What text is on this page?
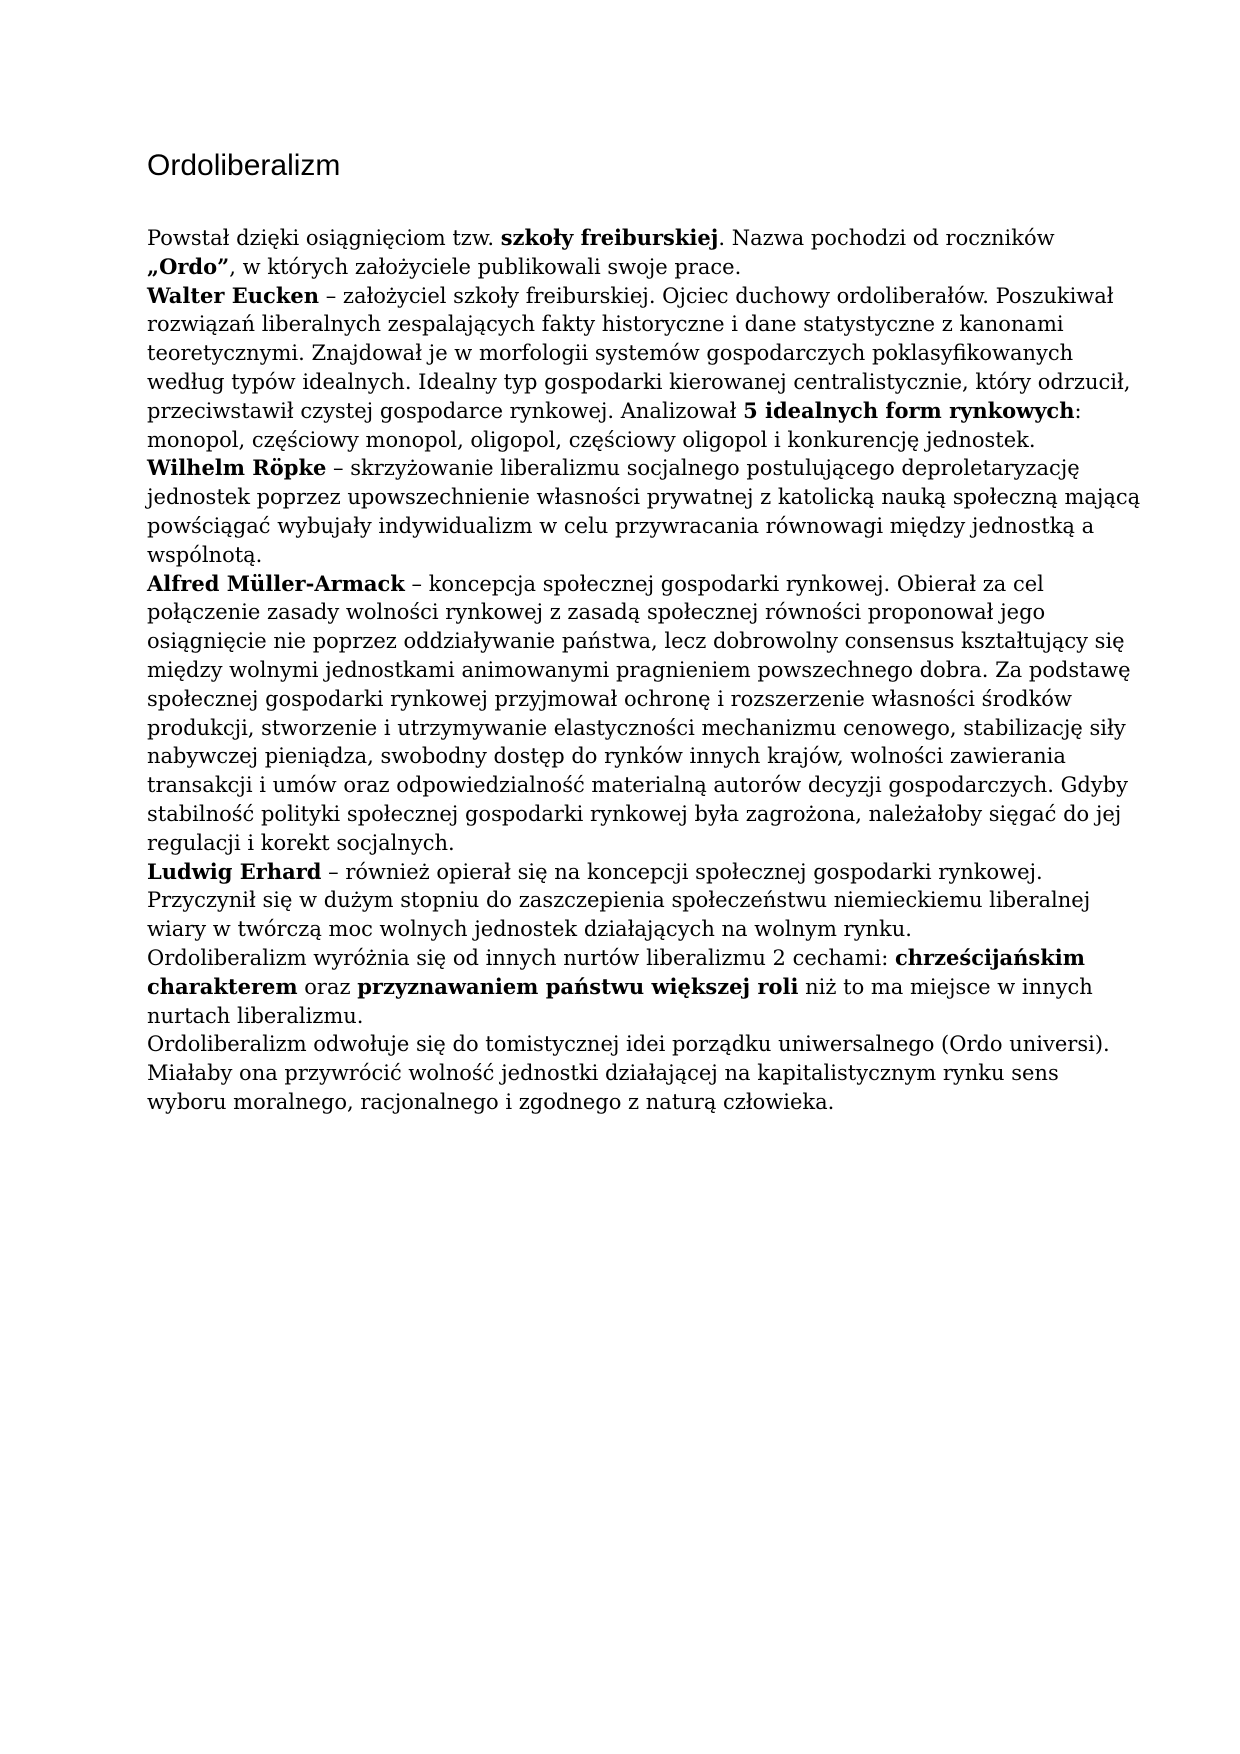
Ordoliberalizm
Powstał dzięki osiągnięciom tzw. szkoły freiburskiej. Nazwa pochodzi od roczników
„Ordo”, w których założyciele publikowali swoje prace.
Walter Eucken – założyciel szkoły freiburskiej. Ojciec duchowy ordoliberałów. Poszukiwał
rozwiązań liberalnych zespalających fakty historyczne i dane statystyczne z kanonami
teoretycznymi. Znajdował je w morfologii systemów gospodarczych poklasyfikowanych
według typów idealnych. Idealny typ gospodarki kierowanej centralistycznie, który odrzucił,
przeciwstawił czystej gospodarce rynkowej. Analizował 5 idealnych form rynkowych:
monopol, częściowy monopol, oligopol, częściowy oligopol i konkurencję jednostek.
Wilhelm Röpke – skrzyżowanie liberalizmu socjalnego postulującego deproletaryzację
jednostek poprzez upowszechnienie własności prywatnej z katolicką nauką społeczną mającą
powściągać wybujały indywidualizm w celu przywracania równowagi między jednostką a
wspólnotą.
Alfred Müller-Armack – koncepcja społecznej gospodarki rynkowej. Obierał za cel
połączenie zasady wolności rynkowej z zasadą społecznej równości proponował jego
osiągnięcie nie poprzez oddziaływanie państwa, lecz dobrowolny consensus kształtujący się
między wolnymi jednostkami animowanymi pragnieniem powszechnego dobra. Za podstawę
społecznej gospodarki rynkowej przyjmował ochronę i rozszerzenie własności środków
produkcji, stworzenie i utrzymywanie elastyczności mechanizmu cenowego, stabilizację siły
nabywczej pieniądza, swobodny dostęp do rynków innych krajów, wolności zawierania
transakcji i umów oraz odpowiedzialność materialną autorów decyzji gospodarczych. Gdyby
stabilność polityki społecznej gospodarki rynkowej była zagrożona, należałoby sięgać do jej
regulacji i korekt socjalnych.
Ludwig Erhard – również opierał się na koncepcji społecznej gospodarki rynkowej.
Przyczynił się w dużym stopniu do zaszczepienia społeczeństwu niemieckiemu liberalnej
wiary w twórczą moc wolnych jednostek działających na wolnym rynku.
Ordoliberalizm wyróżnia się od innych nurtów liberalizmu 2 cechami: chrześcijańskim
charakterem oraz przyznawaniem państwu większej roli niż to ma miejsce w innych
nurtach liberalizmu.
Ordoliberalizm odwołuje się do tomistycznej idei porządku uniwersalnego (Ordo universi).
Miałaby ona przywrócić wolność jednostki działającej na kapitalistycznym rynku sens
wyboru moralnego, racjonalnego i zgodnego z naturą człowieka.
